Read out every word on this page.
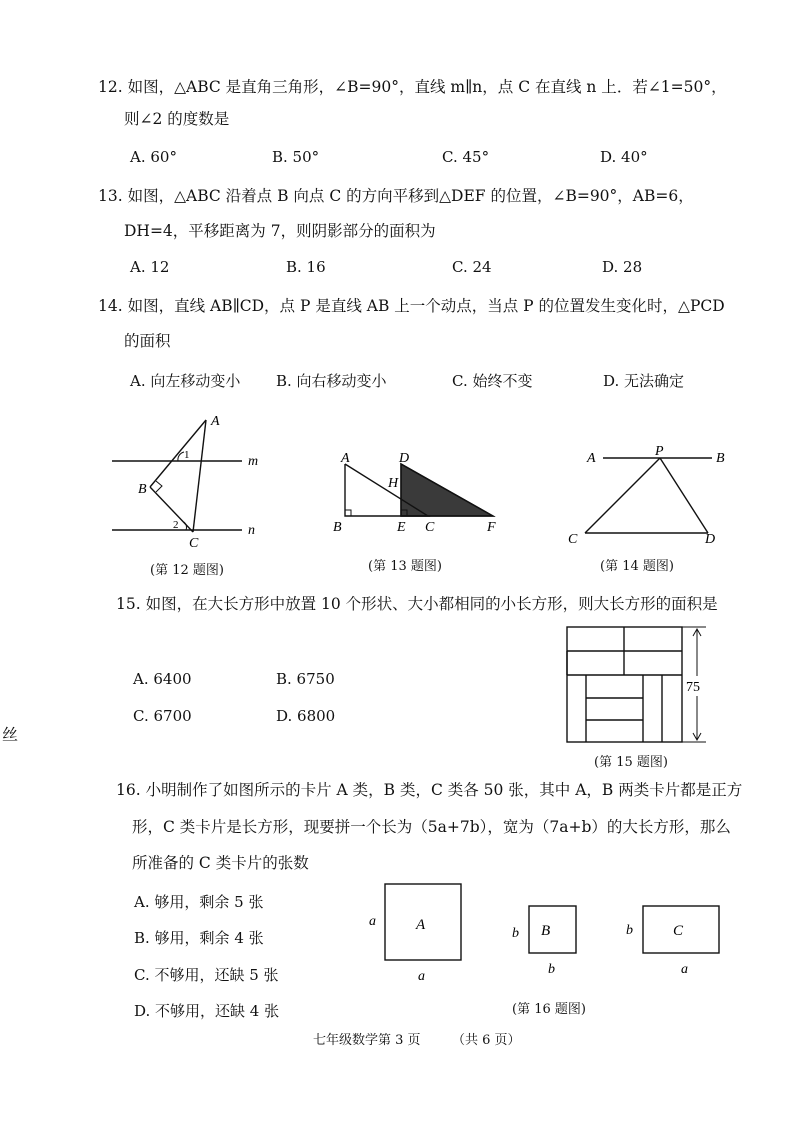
12. 如图，△ABC 是直角三角形，∠B=90°，直线 m∥n，点 C 在直线 n 上．若∠1=50°，
则∠2 的度数是
A. 60°	B. 50°	C. 45°	D. 40°
13. 如图，△ABC 沿着点 B 向点 C 的方向平移到△DEF 的位置，∠B=90°，AB=6，
DH=4，平移距离为 7，则阴影部分的面积为
A. 12	B. 16	C. 24	D. 28
14. 如图，直线 AB∥CD，点 P 是直线 AB 上一个动点，当点 P 的位置发生变化时，△PCD
的面积
A. 向左移动变小 B. 向右移动变小	C. 始终不变	D. 无法确定
A
B
C
m
n
1
2
A
B
D
H
E C	F
A	P	B
C	D
75
A
a
a
B
b
b
C
b
a
(第 12 题图)	(第 13 题图)	(第 14 题图)
(第 15 题图)
(第 16 题图)
15. 如图，在大长方形中放置 10 个形状、大小都相同的小长方形，则大长方形的面积是
A. 6400	B. 6750
C. 6700	D. 6800
丝
16. 小明制作了如图所示的卡片 A 类，B 类，C 类各 50 张，其中 A，B 两类卡片都是正方
形，C 类卡片是长方形，现要拼一个长为（5a+7b），宽为（7a+b）的大长方形，那么
所准备的 C 类卡片的张数
A. 够用，剩余 5 张
B. 够用，剩余 4 张
C. 不够用，还缺 5 张
D. 不够用，还缺 4 张
七年级数学第 3 页 （共 6 页）
